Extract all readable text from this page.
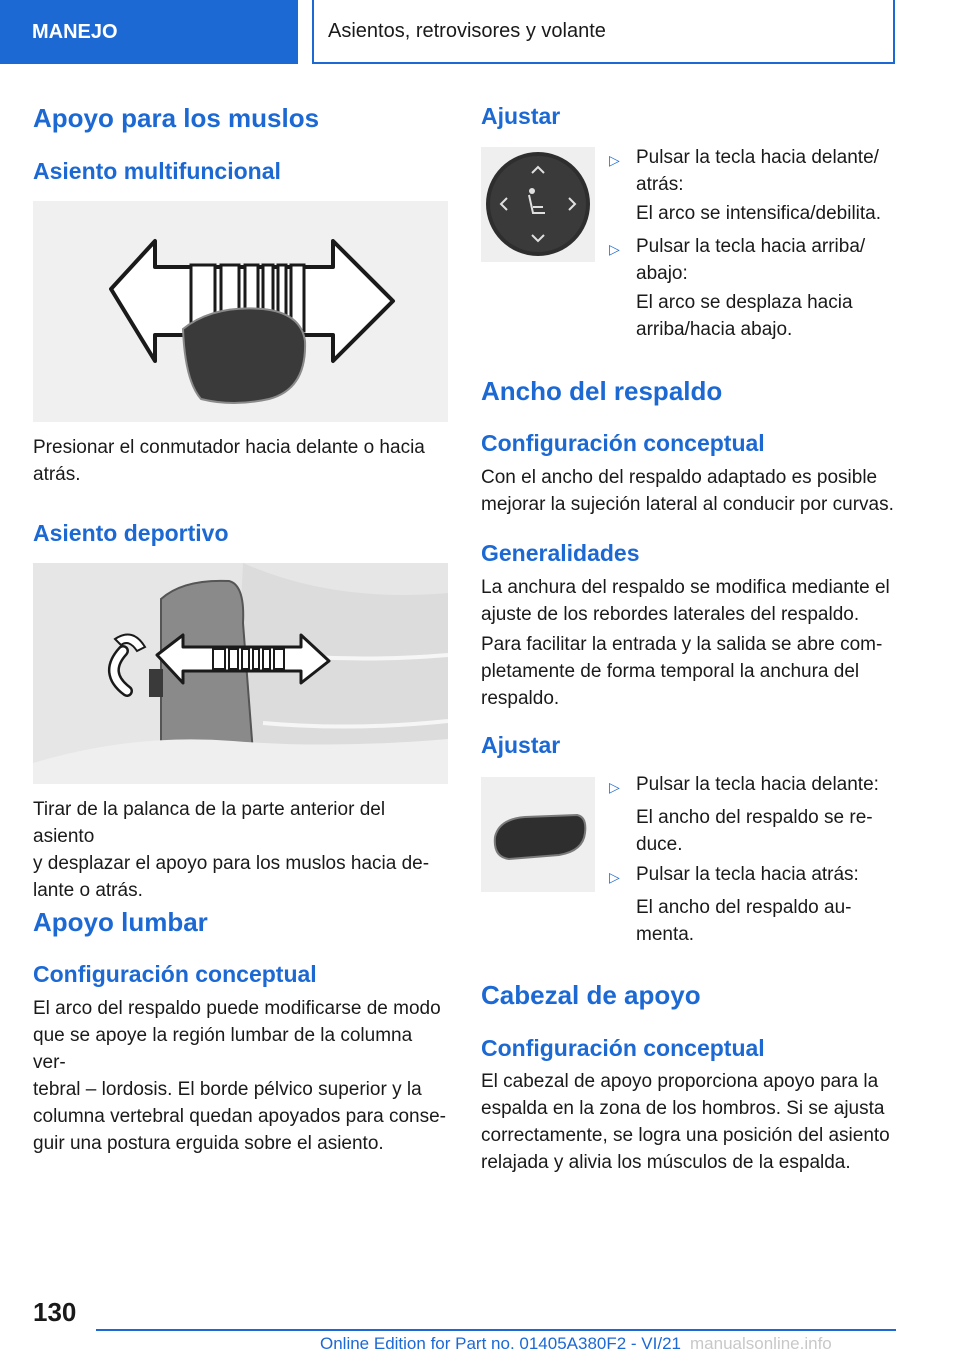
MANEJO	Asientos, retrovisores y volante
Apoyo para los muslos
Asiento multifuncional

Presionar el conmutador hacia delante o hacia
atrás.

Asiento deportivo

Tirar de la palanca de la parte anterior del asiento
y desplazar el apoyo para los muslos hacia de-
lante o atrás.

Apoyo lumbar
Configuración conceptual

El arco del respaldo puede modificarse de modo
que se apoye la región lumbar de la columna ver-
tebral – lordosis. El borde pélvico superior y la
columna vertebral quedan apoyados para conse-
guir una postura erguida sobre el asiento.

Ajustar
▷ Pulsar la tecla hacia delante/
atrás:
El arco se intensifica/debilita.
▷ Pulsar la tecla hacia arriba/
abajo:
El arco se desplaza hacia
arriba/hacia abajo.
Ancho del respaldo
Configuración conceptual

Con el ancho del respaldo adaptado es posible
mejorar la sujeción lateral al conducir por curvas.

Generalidades

La anchura del respaldo se modifica mediante el
ajuste de los rebordes laterales del respaldo.

Para facilitar la entrada y la salida se abre com-
pletamente de forma temporal la anchura del
respaldo.

Ajustar
▷ Pulsar la tecla hacia delante:
El ancho del respaldo se re-
duce.
▷ Pulsar la tecla hacia atrás:
El ancho del respaldo au-
menta.
Cabezal de apoyo
Configuración conceptual

El cabezal de apoyo proporciona apoyo para la
espalda en la zona de los hombros. Si se ajusta
correctamente, se logra una posición del asiento
relajada y alivia los músculos de la espalda.

130
Online Edition for Part no. 01405A380F2 - VI/21 manualsonline.info
